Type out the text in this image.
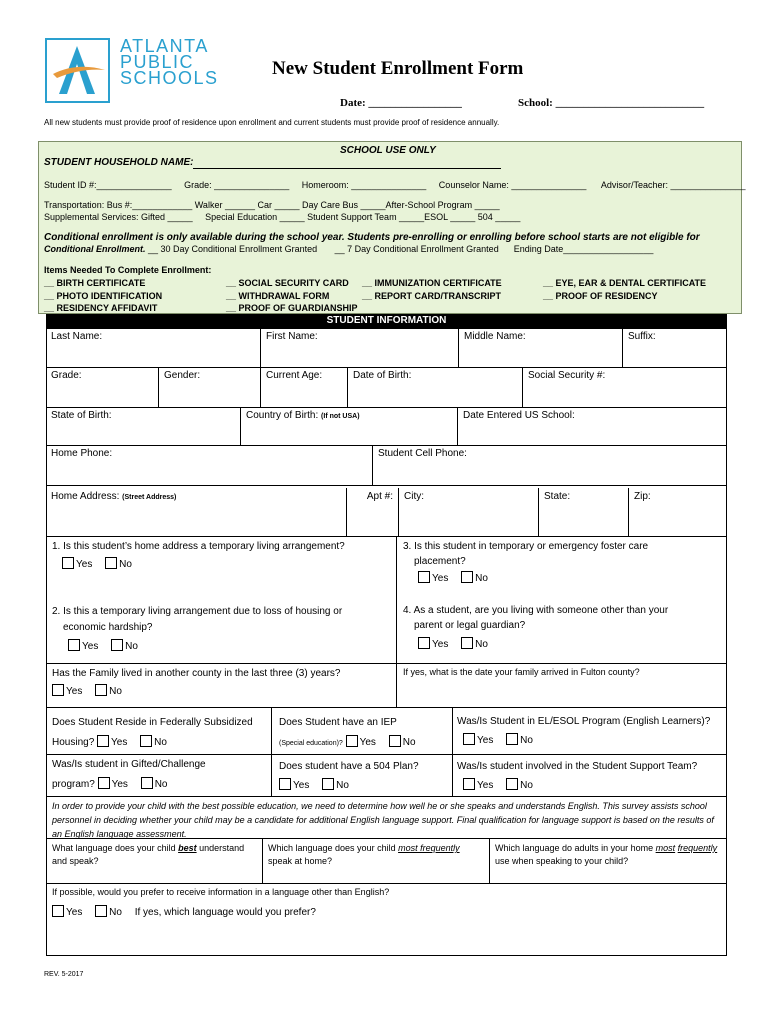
ATLANTA
PUBLIC
SCHOOLS	New Student Enrollment Form
Date: _________________	School: ___________________________
All new students must provide proof of residence upon enrollment and current students must provide proof of residence annually.
SCHOOL USE ONLY
STUDENT HOUSEHOLD NAME:
Student ID #:_______________     Grade: _______________     Homeroom: _______________     Counselor Name: _______________      Advisor/Teacher: _______________
Transportation: Bus #:____________ Walker ______ Car _____ Day Care Bus _____After-School Program _____
Supplemental Services: Gifted _____     Special Education _____ Student Support Team _____ESOL _____ 504 _____
Conditional enrollment is only available during the school year. Students pre-enrolling or enrolling before school starts are not eligible for
Conditional Enrollment. __ 30 Day Conditional Enrollment Granted       __ 7 Day Conditional Enrollment Granted      Ending Date__________________
Items Needed To Complete Enrollment:
__ BIRTH CERTIFICATE
__ PHOTO IDENTIFICATION
__ RESIDENCY AFFIDAVIT
__ SOCIAL SECURITY CARD
__ WITHDRAWAL FORM
__ PROOF OF GUARDIANSHIP
__ IMMUNIZATION CERTIFICATE
__ REPORT CARD/TRANSCRIPT
__ EYE, EAR & DENTAL CERTIFICATE
__ PROOF OF RESIDENCY
STUDENT INFORMATION
Last Name:	First Name:	Middle Name:	Suffix:
Grade:	Gender:	Current Age:	Date of Birth:	Social Security #:
State of Birth:	Country of Birth: (If not USA)	Date Entered US School:
Home Phone:	Student Cell Phone:
Home Address: (Street Address)	Apt #:	City:	State:	Zip:
1. Is this student’s home address a temporary living arrangement?
Yes	No
2. Is this a temporary living arrangement due to loss of housing or
economic hardship?
Yes	No
3. Is this student in temporary or emergency foster care
placement?
Yes	No
4. As a student, are you living with someone other than your
parent or legal guardian?
Yes	No
Has the Family lived in another county in the last three (3) years?
Yes	No
If yes, what is the date your family arrived in Fulton county?
Does Student Reside in Federally Subsidized
Housing? Yes	No
Does Student have an IEP
(Special education)? Yes	No
Was/Is Student in EL/ESOL Program (English Learners)?
Yes	No
Was/Is student in Gifted/Challenge
program? Yes	No
Does student have a 504 Plan?
Yes	No
Was/Is student involved in the Student Support Team?
Yes	No
In order to provide your child with the best possible education, we need to determine how well he or she speaks and understands English. This survey assists school personnel in deciding whether your child may be a candidate for additional English language support. Final qualification for language support is based on the results of an English language assessment.
What language does your child best understand and speak?
Which language does your child most frequently speak at home?
Which language do adults in your home most frequently use when speaking to your child?
If possible, would you prefer to receive information in a language other than English?
Yes	No If yes, which language would you prefer?
REV. 5-2017
